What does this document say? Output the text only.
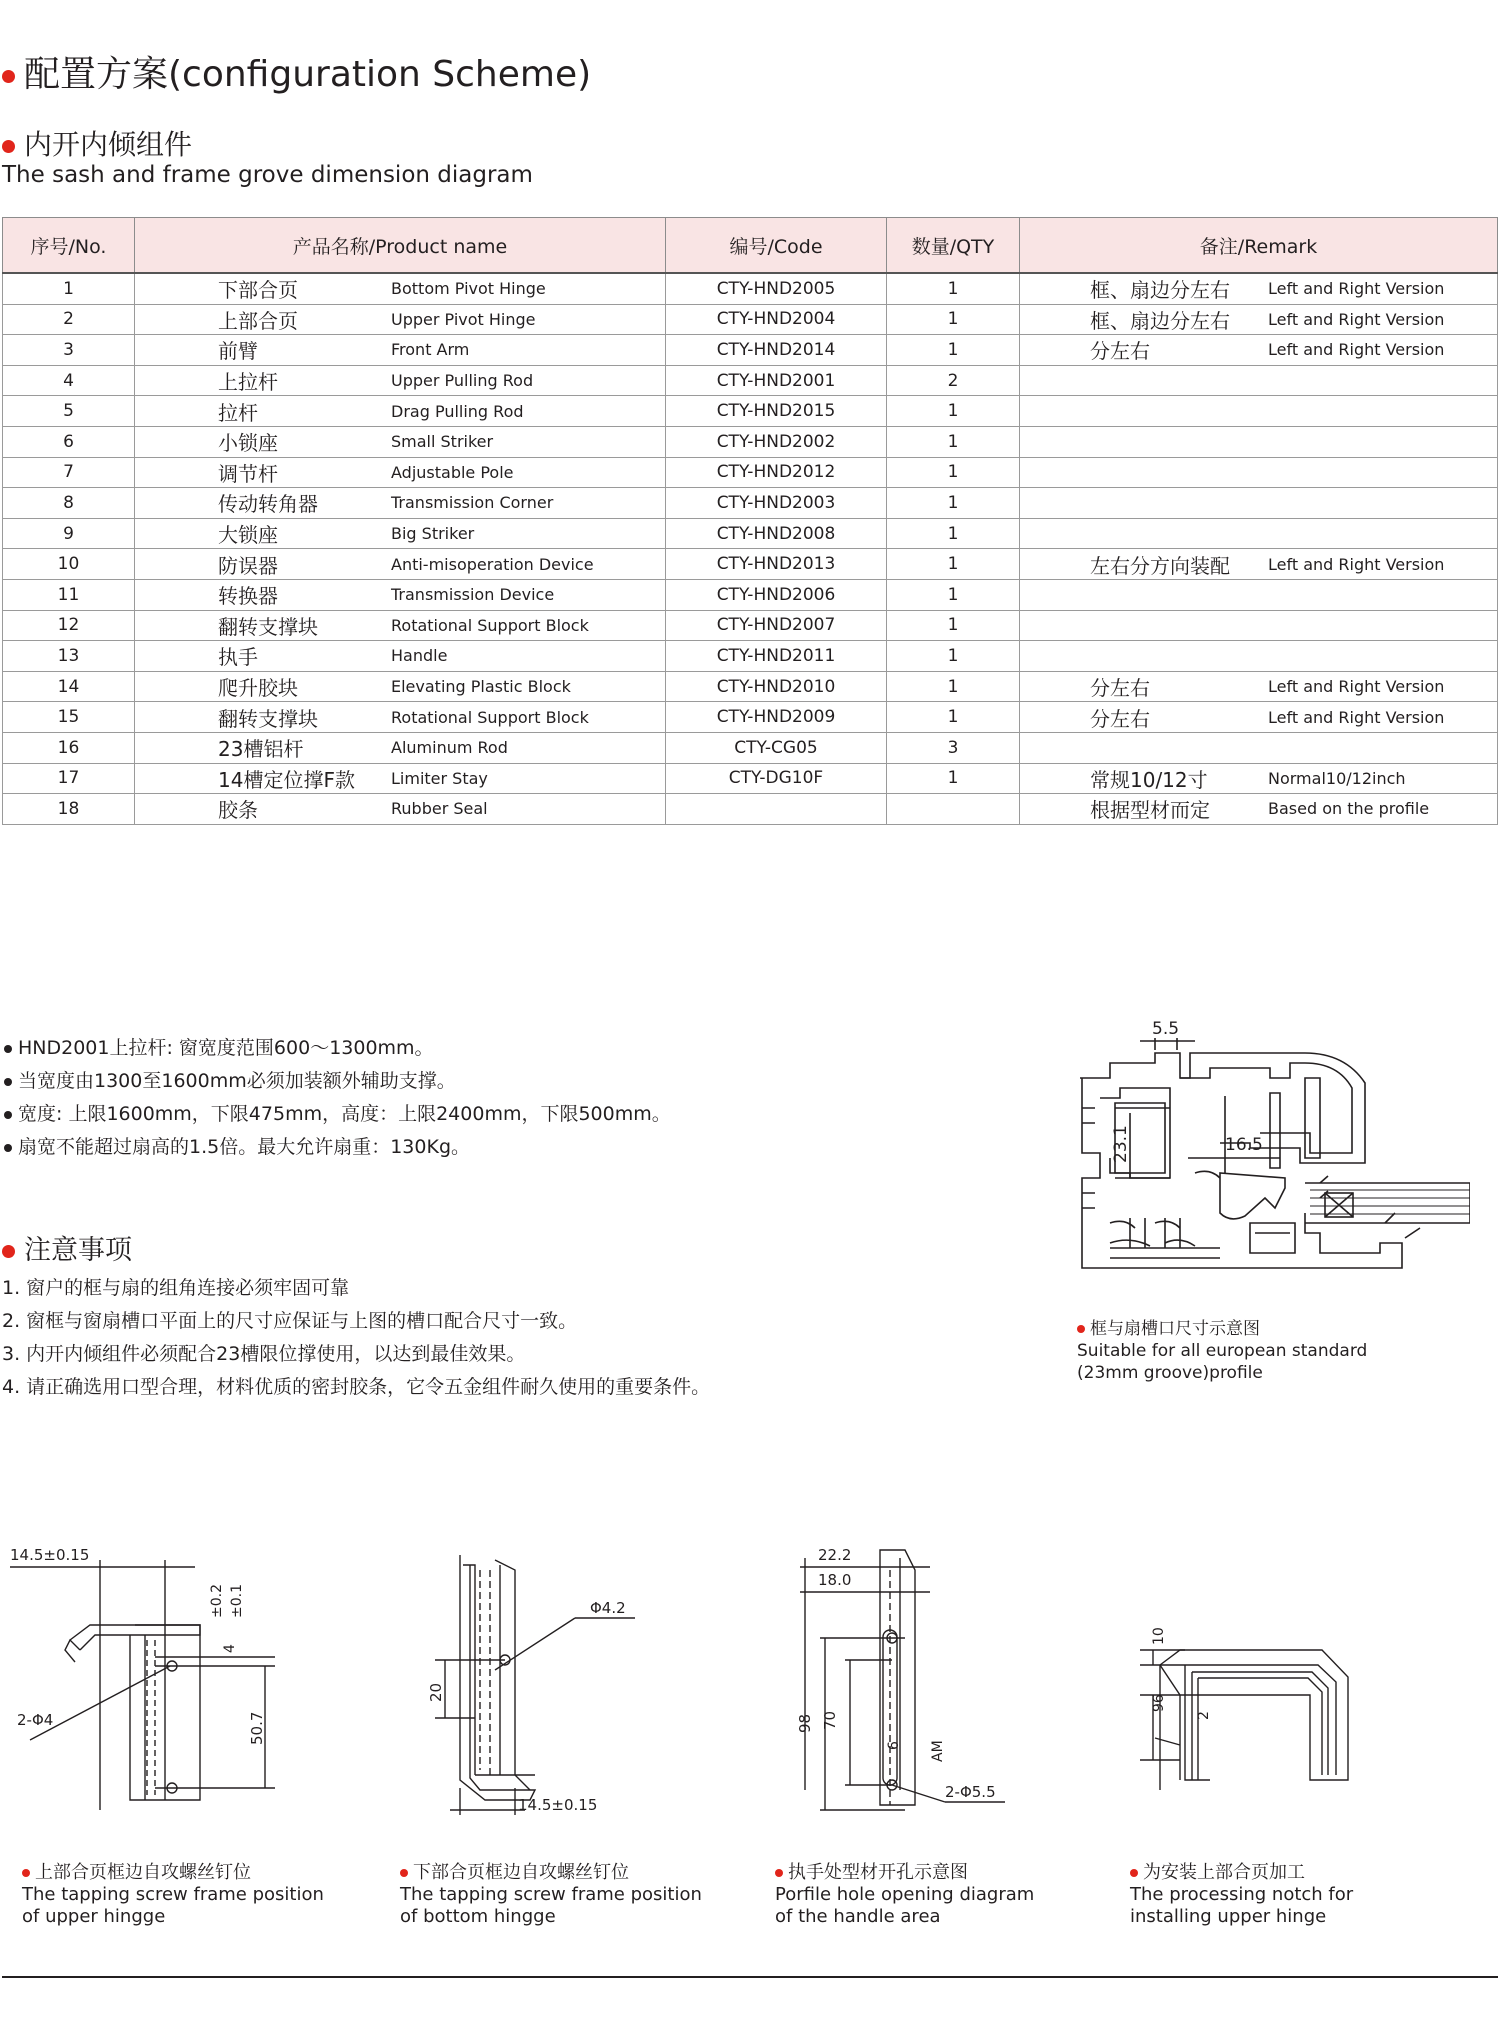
配置方案(configuration Scheme)
内开内倾组件
The sash and frame grove dimension diagram
序号/No.	产品名称/Product name	编号/Code	数量/QTY	备注/Remark
1	下部合页 Bottom Pivot Hinge	CTY-HND2005	1	框、扇边分左右 Left and Right Version
2	上部合页 Upper Pivot Hinge	CTY-HND2004	1	框、扇边分左右 Left and Right Version
3	前臂 Front Arm	CTY-HND2014	1	分左右 Left and Right Version
4	上拉杆 Upper Pulling Rod	CTY-HND2001	2	
5	拉杆 Drag Pulling Rod	CTY-HND2015	1	
6	小锁座 Small Striker	CTY-HND2002	1	
7	调节杆 Adjustable Pole	CTY-HND2012	1	
8	传动转角器 Transmission Corner	CTY-HND2003	1	
9	大锁座 Big Striker	CTY-HND2008	1	
10	防误器 Anti-misoperation Device	CTY-HND2013	1	左右分方向装配 Left and Right Version
11	转换器 Transmission Device	CTY-HND2006	1	
12	翻转支撑块 Rotational Support Block	CTY-HND2007	1	
13	执手 Handle	CTY-HND2011	1	
14	爬升胶块 Elevating Plastic Block	CTY-HND2010	1	分左右 Left and Right Version
15	翻转支撑块 Rotational Support Block	CTY-HND2009	1	分左右 Left and Right Version
16	23槽铝杆 Aluminum Rod	CTY-CG05	3	
17	14槽定位撑F款 Limiter Stay	CTY-DG10F	1	常规10/12寸 Normal10/12inch
18	胶条 Rubber Seal			根据型材而定 Based on the profile
HND2001上拉杆: 窗宽度范围600～1300mm。
当宽度由1300至1600mm必须加装额外辅助支撑。
宽度: 上限1600mm，下限475mm，高度：上限2400mm，下限500mm。
扇宽不能超过扇高的1.5倍。最大允许扇重：130Kg。
注意事项
1. 窗户的框与扇的组角连接必须牢固可靠
2. 窗框与窗扇槽口平面上的尺寸应保证与上图的槽口配合尺寸一致。
3. 内开内倾组件必须配合23槽限位撑使用，以达到最佳效果。
4. 请正确选用口型合理，材料优质的密封胶条，它令五金组件耐久使用的重要条件。
5.5
16.5
23.1
框与扇槽口尺寸示意图
Suitable for all european standard
(23mm groove)profile
14.5±0.15
2-Φ4
±0.2 ±0.1
4
50.7
上部合页框边自攻螺丝钉位
The tapping screw frame position
of upper hingge
Φ4.2
20
14.5±0.15
下部合页框边自攻螺丝钉位
The tapping screw frame position
of bottom hingge
22.2
18.0
98 70
6 AM
2-Φ5.5
执手处型材开孔示意图
Porfile hole opening diagram
of the handle area
10
96
2
为安装上部合页加工
The processing notch for
installing upper hinge
